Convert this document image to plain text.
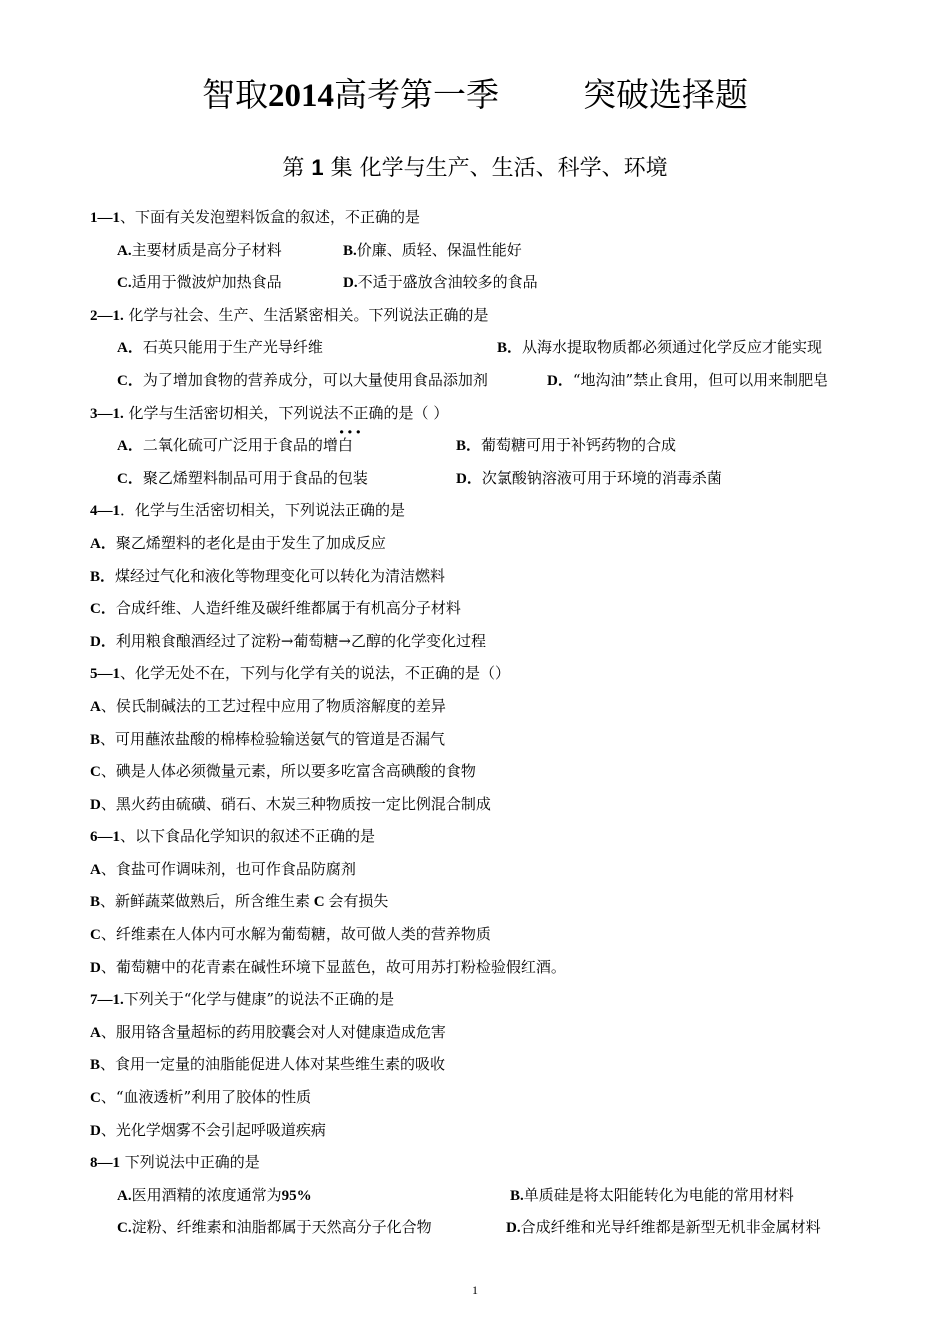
智取2014高考第一季        突破选择题
第 1 集 化学与生产、生活、科学、环境
1—1、下面有关发泡塑料饭盒的叙述，不正确的是
A.主要材质是高分子材料	B.价廉、质轻、保温性能好
C.适用于微波炉加热食品	D.不适于盛放含油较多的食品
2—1. 化学与社会、生产、生活紧密相关。下列说法正确的是
A．石英只能用于生产光导纤维	B．从海水提取物质都必须通过化学反应才能实现
C．为了增加食物的营养成分，可以大量使用食品添加剂	D．“地沟油”禁止食用，但可以用来制肥皂
3—1. 化学与生活密切相关，下列说法不正确 ···的是（ ）
A．二氧化硫可广泛用于食品的增白	B．葡萄糖可用于补钙药物的合成
C．聚乙烯塑料制品可用于食品的包装	D．次氯酸钠溶液可用于环境的消毒杀菌
4—1．化学与生活密切相关，下列说法正确的是
A．聚乙烯塑料的老化是由于发生了加成反应
B．煤经过气化和液化等物理变化可以转化为清洁燃料
C．合成纤维、人造纤维及碳纤维都属于有机高分子材料
D．利用粮食酿酒经过了淀粉→葡萄糖→乙醇的化学变化过程
5—1、化学无处不在，下列与化学有关的说法，不正确的是（）
A、侯氏制碱法的工艺过程中应用了物质溶解度的差异
B、可用蘸浓盐酸的棉棒检验输送氨气的管道是否漏气
C、碘是人体必须微量元素，所以要多吃富含高碘酸的食物
D、黑火药由硫磺、硝石、木炭三种物质按一定比例混合制成
6—1、以下食品化学知识的叙述不正确的是
A、食盐可作调味剂，也可作食品防腐剂
B、新鲜蔬菜做熟后，所含维生素 C 会有损失
C、纤维素在人体内可水解为葡萄糖，故可做人类的营养物质
D、葡萄糖中的花青素在碱性环境下显蓝色，故可用苏打粉检验假红酒。
7—1.下列关于“化学与健康”的说法不正确的是
A、服用铬含量超标的药用胶囊会对人对健康造成危害
B、食用一定量的油脂能促进人体对某些维生素的吸收
C、“血液透析”利用了胶体的性质
D、光化学烟雾不会引起呼吸道疾病
8—1 下列说法中正确的是
A.医用酒精的浓度通常为95%	B.单质硅是将太阳能转化为电能的常用材料
C.淀粉、纤维素和油脂都属于天然高分子化合物	D.合成纤维和光导纤维都是新型无机非金属材料
1
